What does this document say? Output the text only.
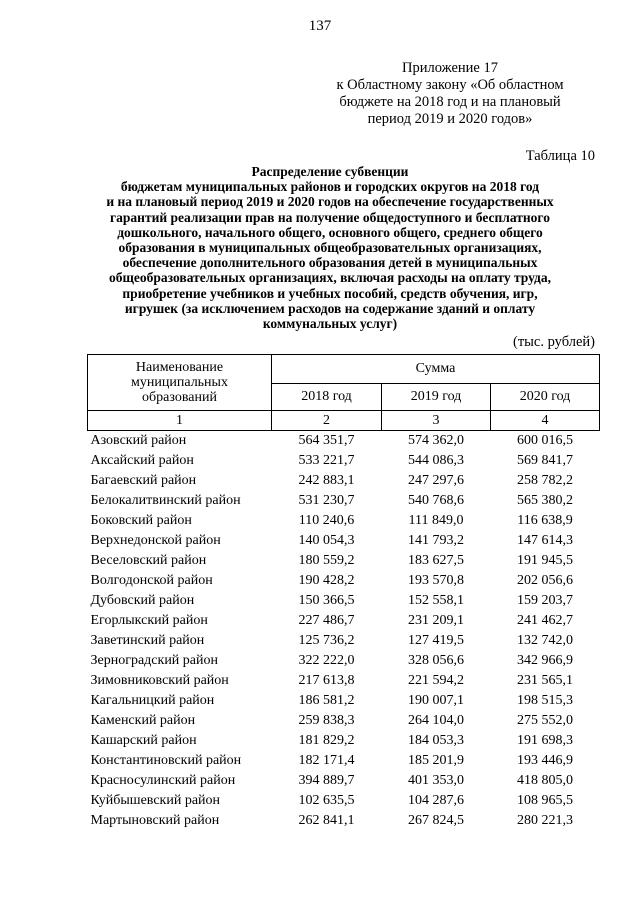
137
Приложение 17
к Областному закону «Об областном
бюджете на 2018 год и на плановый
период 2019 и 2020 годов»
Таблица 10
Распределение субвенции
бюджетам муниципальных районов и городских округов на 2018 год
и на плановый период 2019 и 2020 годов на обеспечение государственных
гарантий реализации прав на получение общедоступного и бесплатного
дошкольного, начального общего, основного общего, среднего общего
образования в муниципальных общеобразовательных организациях,
обеспечение дополнительного образования детей в муниципальных
общеобразовательных организациях, включая расходы на оплату труда,
приобретение учебников и учебных пособий, средств обучения, игр,
игрушек (за исключением расходов на содержание зданий и оплату
коммунальных услуг)
(тыс. рублей)
Наименование
муниципальных
образований	Сумма		
	2018 год	2019 год	2020 год
1	2	3	4
Азовский район	564 351,7	574 362,0	600 016,5
Аксайский район	533 221,7	544 086,3	569 841,7
Багаевский район	242 883,1	247 297,6	258 782,2
Белокалитвинский район	531 230,7	540 768,6	565 380,2
Боковский район	110 240,6	111 849,0	116 638,9
Верхнедонской район	140 054,3	141 793,2	147 614,3
Веселовский район	180 559,2	183 627,5	191 945,5
Волгодонской район	190 428,2	193 570,8	202 056,6
Дубовский район	150 366,5	152 558,1	159 203,7
Егорлыкский район	227 486,7	231 209,1	241 462,7
Заветинский район	125 736,2	127 419,5	132 742,0
Зерноградский район	322 222,0	328 056,6	342 966,9
Зимовниковский район	217 613,8	221 594,2	231 565,1
Кагальницкий район	186 581,2	190 007,1	198 515,3
Каменский район	259 838,3	264 104,0	275 552,0
Кашарский район	181 829,2	184 053,3	191 698,3
Константиновский район	182 171,4	185 201,9	193 446,9
Красносулинский район	394 889,7	401 353,0	418 805,0
Куйбышевский район	102 635,5	104 287,6	108 965,5
Мартыновский район	262 841,1	267 824,5	280 221,3
